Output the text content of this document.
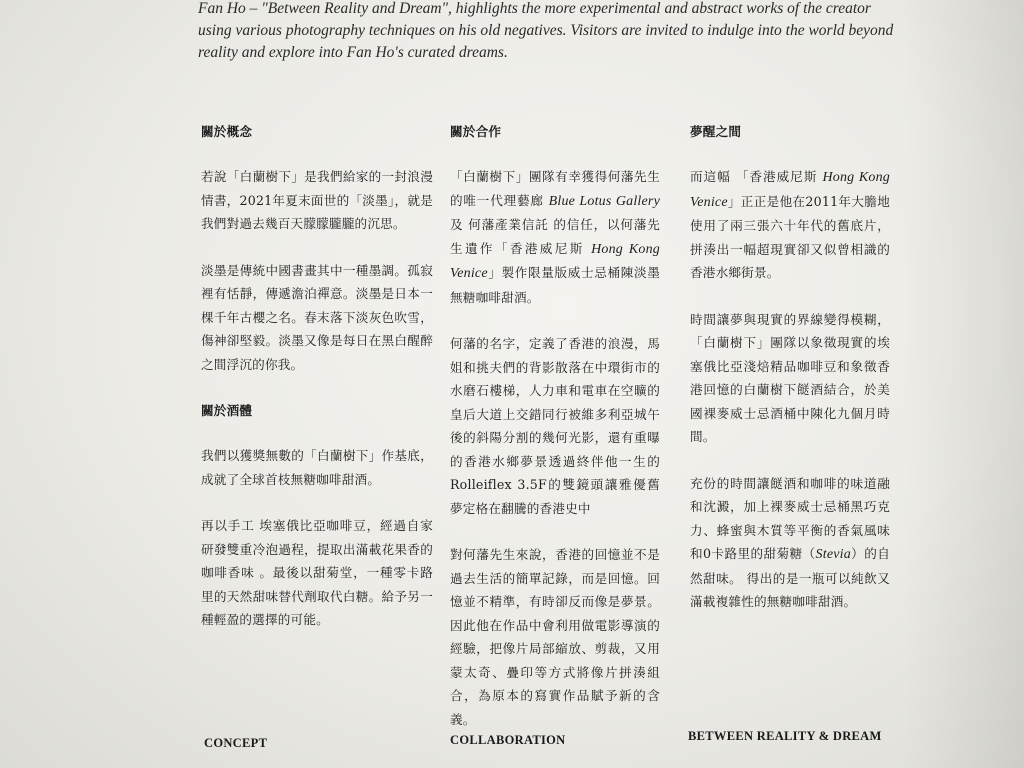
Fan Ho – "Between Reality and Dream", highlights the more experimental and abstract works of the creator
using various photography techniques on his old negatives. Visitors are invited to indulge into the world beyond
reality and explore into Fan Ho's curated dreams.
關於概念

若說「白蘭樹下」是我們給家的一封浪漫情書，2021年夏末面世的「淡墨」，就是我們對過去幾百天朦朦朧朧的沉思。

淡墨是傳統中國書畫其中一種墨調。孤寂裡有恬靜，傳遞澹泊禪意。淡墨是日本一棵千年古櫻之名。春末落下淡灰色吹雪，傷神卻堅毅。淡墨又像是每日在黑白醒醉之間浮沉的你我。

關於酒體

我們以獲獎無數的「白蘭樹下」作基底，成就了全球首枝無糖咖啡甜酒。

再以手工 埃塞俄比亞咖啡豆，經過自家研發雙重冷泡過程，提取出滿載花果香的咖啡香味 。最後以甜菊堂，一種零卡路里的天然甜味替代劑取代白糖。給予另一種輕盈的選擇的可能。

關於合作

「白蘭樹下」團隊有幸獲得何藩先生的唯一代理藝廊 Blue Lotus Gallery 及 何藩產業信託 的信任，以何藩先生遺作「香港威尼斯 Hong Kong Venice」製作限量版威士忌桶陳淡墨無糖咖啡甜酒。

何藩的名字，定義了香港的浪漫，馬姐和挑夫們的背影散落在中環街市的水磨石樓梯，人力車和電車在空曠的皇后大道上交錯同行被維多利亞城午後的斜陽分割的幾何光影，還有重曝的香港水鄉夢景透過終伴他一生的Rolleiflex 3.5F的雙鏡頭讓雅優舊夢定格在翻騰的香港史中

對何藩先生來說，香港的回憶並不是過去生活的簡單記錄，而是回憶。回憶並不精準，有時卻反而像是夢景。因此他在作品中會利用做電影導演的經驗，把像片局部縮放、剪裁，又用蒙太奇、疊印等方式將像片拼湊組合，為原本的寫實作品賦予新的含義。

夢醒之間

而這幅 「香港威尼斯 Hong Kong Venice」正正是他在2011年大膽地使用了兩三張六十年代的舊底片，拼湊出一幅超現實卻又似曾相識的香港水鄉街景。

時間讓夢與現實的界線變得模糊，「白蘭樹下」團隊以象徵現實的埃塞俄比亞淺焙精品咖啡豆和象徵香港回憶的白蘭樹下餸酒結合，於美國裸麥威士忌酒桶中陳化九個月時間。

充份的時間讓餸酒和咖啡的味道融和沈澱，加上裸麥威士忌桶黑巧克力、蜂蜜與木質等平衡的香氣風味和0卡路里的甜菊糖（Stevia）的自然甜味。 得出的是一瓶可以純飲又滿載複雜性的無糖咖啡甜酒。

CONCEPT	COLLABORATION	BETWEEN REALITY & DREAM
